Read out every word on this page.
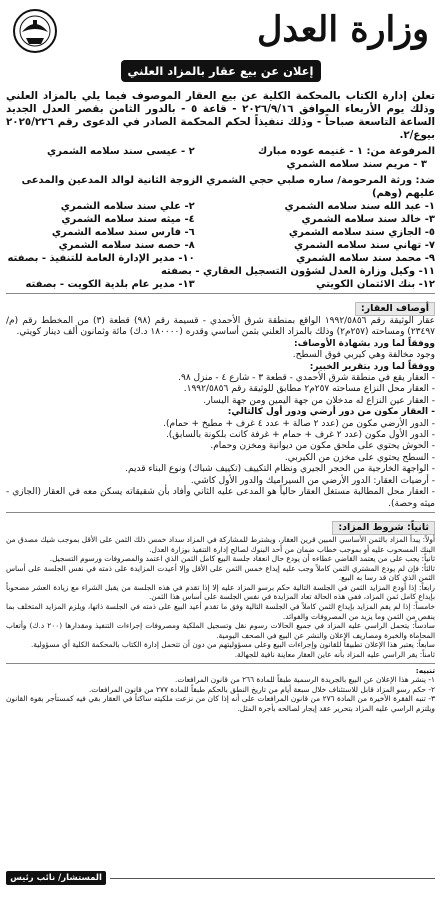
وزارة العدل
إعلان عن بيع عقار بالمزاد العلني
تعلن إدارة الكتاب بالمحكمة الكلية عن بيع العقار الموصوف فيما يلي بالمزاد العلني وذلك يوم الأربعاء الموافق ٢٠٢٦/٩/١٦ - قاعة ٥ - بالدور الثامن بقصر العدل الجديد الساعة التاسعة صباحاً - وذلك تنفيذاً لحكم المحكمة الصادر في الدعوى رقم ٢٠٢٥/٢٢٦ بيوع/٢.
المرفوعة من: ١ - غنيمه عوده مبارك
٢ - عيسى سند سلامه الشمري
٣ - مريم سند سلامه الشمري
ضد: ورثة المرحومة/ ساره صلبي حجي الشمري الزوجة الثانية لوالد المدعين والمدعى عليهم (وهم)
١- عبد الله سند سلامه الشمري
٢- علي سند سلامه الشمري
٣- خالد سند سلامه الشمري
٤- ميثه سند سلامه الشمري
٥- الجازي سند سلامه الشمري
٦- فارس سند سلامه الشمري
٧- تهاني سند سلامه الشمري
٨- حصه سند سلامه الشمري
٩- محمد سند سلامه الشمري
١٠- مدير الإدارة العامة للتنفيذ - بصفته
١١- وكيل وزارة العدل لشؤون التسجيل العقاري - بصفته
١٢- بنك الائتمان الكويتي
١٣- مدير عام بلدية الكويت - بصفته
أوصاف العقار:
عقار الوثيقة رقم ١٩٩٢/٥٨٥٦ الواقع بمنطقة شرق الأحمدي - قسيمة رقم (٩٨) قطعة (٣) من المخطط رقم (م/٢٣٤٩٧) ومساحته (٢٥٧م٢) وذلك بالمزاد العلني بثمن أساسي وقدره (١٨٠٠٠٠ د.ك) مائة وثمانون ألف دينار كويتي.
ووفقاً لما ورد بشهادة الأوصاف:
وجود مخالفة وهي كيربي فوق السطح.
ووفقاً لما ورد بتقرير الخبير:
- العقار يقع في منطقة شرق الأحمدي - قطعة ٣ - شارع ٤ - منزل ٩٨.
- العقار محل النزاع مساحته ٢٥٧م٢ مطابق للوثيقة رقم ١٩٩٢/٥٨٥٦.
- العقار عين النزاع له مدخلان من جهة اليمين ومن جهة اليسار.
- العقار مكون من دور أرضي ودور أول كالتالي:
- الدور الأرضي مكون من (عدد ٢ صالة + عدد ٤ غرف + مطبخ + حمام).
- الدور الأول مكون (عدد ٢ غرف + حمام + غرفة كانت بلكونة بالسابق).
- الحوش يحتوي على ملحق مكون من ديوانية ومخزن وحمام.
- السطح يحتوي على مخزن من الكيربي.
- الواجهة الخارجية من الحجر الجيري ونظام التكييف (تكييف شباك) ونوع البناء قديم.
- أرضيات العقار: الدور الأرضي من السيراميك والدور الأول كاشي.
- العقار محل المطالبة مستغل العقار حالياً هو المدعى عليه الثاني وأفاد بأن شقيقاته يسكن معه في العقار (الجازي - ميثه وحصة).
ثانياً: شروط المزاد:
أولاً: يبدأ المزاد بالثمن الأساسي المبين قرين العقار، ويشترط للمشاركة في المزاد سداد خمس ذلك الثمن على الأقل بموجب شيك مصدق من البنك المسحوب عليه أو بموجب خطاب ضمان من أحد البنوك لصالح إدارة التنفيذ بوزارة العدل.
ثانياً: يجب على من يعتمد القاضي عطاءه أن يودع حال انعقاد جلسة البيع كامل الثمن الذي اعتمد والمصروفات ورسوم التسجيل.
ثالثاً: فإن لم يودع المشتري الثمن كاملاً وجب عليه إيداع خمس الثمن على الأقل وإلا أعيدت المزايدة على ذمته في نفس الجلسة على أساس الثمن الذي كان قد رسا به البيع.
رابعاً: إذا أودع المزايد الثمن في الجلسة التالية حكم برسو المزاد عليه إلا إذا تقدم في هذه الجلسة من يقبل الشراء مع زيادة العشر مصحوباً بإيداع كامل ثمن المزاد، ففي هذه الحالة تعاد المزايدة في نفس الجلسة على أساس هذا الثمن.
خامساً: إذا لم يقم المزايد بإيداع الثمن كاملاً في الجلسة التالية وفق ما تقدم أعيد البيع على ذمته في الجلسة ذاتها، ويلزم المزايد المتخلف بما ينقص من الثمن وما يزيد من المصروفات والفوائد.
سادساً: يتحمل الراسي عليه المزاد في جميع الحالات رسوم نقل وتسجيل الملكية ومصروفات إجراءات التنفيذ ومقدارها (٢٠٠ د.ك) وأتعاب المحاماة والخبرة ومصاريف الإعلان والنشر عن البيع في الصحف اليومية.
سابعاً: يعتبر هذا الإعلان تطبيقاً للقانون وإجراءات البيع وعلى مسؤوليتهم من دون أن تتحمل إدارة الكتاب بالمحكمة الكلية أي مسؤولية.
ثامناً: يقر الراسي عليه المزاد بأنه عاين العقار معاينة نافية للجهالة.
تنبيه:
١- ينشر هذا الإعلان عن البيع بالجريدة الرسمية طبقاً للمادة ٢٦٦ من قانون المرافعات.
٢- حكم رسو المزاد قابل للاستئناف خلال سبعة أيام من تاريخ النطق بالحكم طبقاً للمادة ٢٧٧ من قانون المرافعات.
٣- تنبه الفقرة الأخيرة من المادة ٢٧٦ من قانون المرافعات على أنه إذا كان من نزعت ملكيته ساكناً في العقار بقي فيه كمستأجر بقوة القانون ويلتزم الراسي عليه المزاد بتحرير عقد إيجار لصالحه بأجرة المثل.
المستشار/ نائب رئيس المحكمة الكلية
